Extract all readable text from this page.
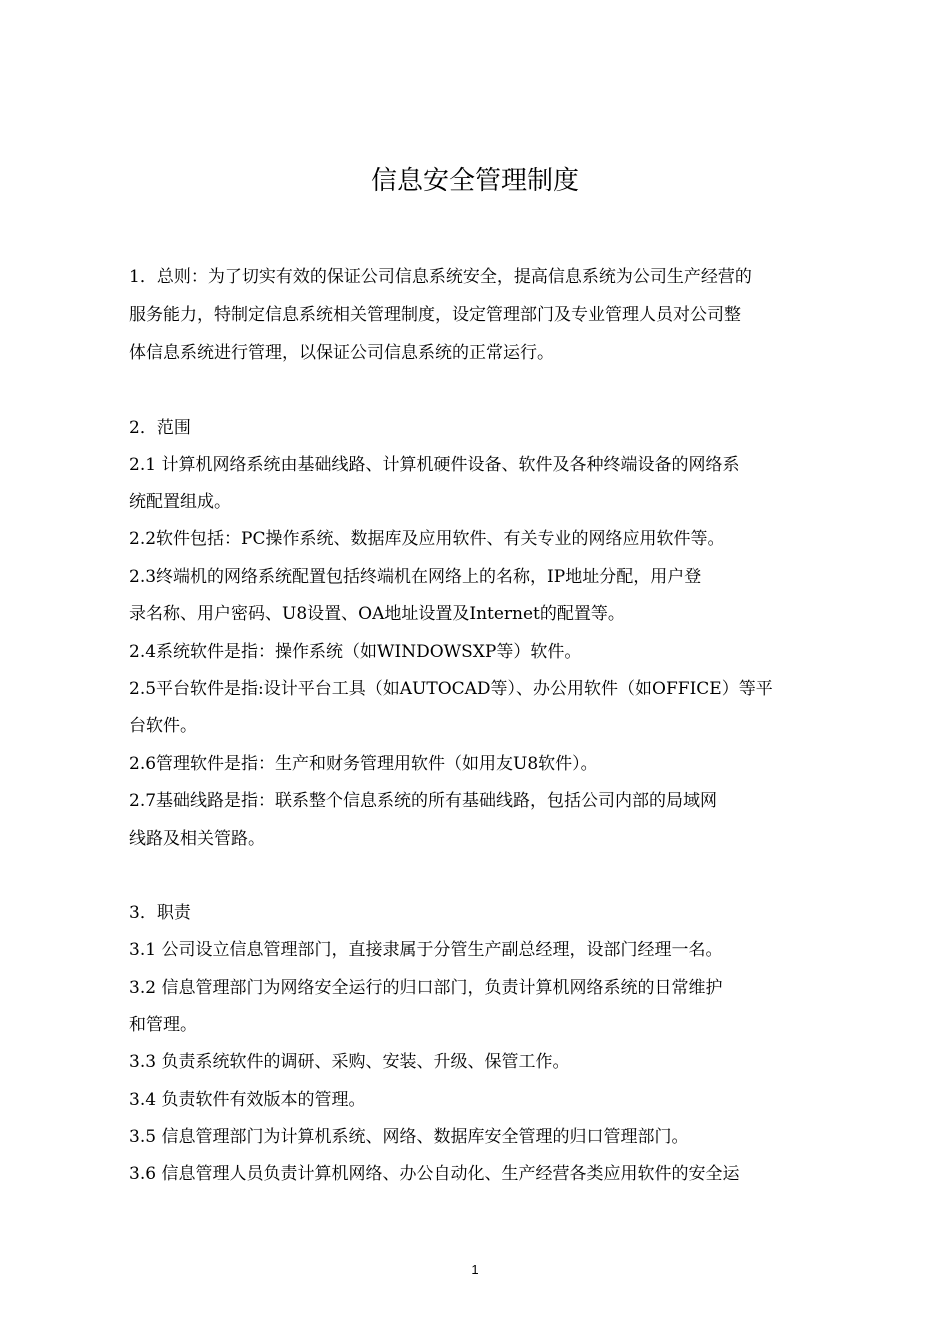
信息安全管理制度

1．总则：为了切实有效的保证公司信息系统安全，提高信息系统为公司生产经营的

服务能力，特制定信息系统相关管理制度，设定管理部门及专业管理人员对公司整

体信息系统进行管理，以保证公司信息系统的正常运行。

2．范围

2.1 计算机网络系统由基础线路、计算机硬件设备、软件及各种终端设备的网络系

统配置组成。

2.2软件包括：PC操作系统、数据库及应用软件、有关专业的网络应用软件等。

2.3终端机的网络系统配置包括终端机在网络上的名称，IP地址分配，用户登

录名称、用户密码、U8设置、OA地址设置及Internet的配置等。

2.4系统软件是指：操作系统（如WINDOWSXP等）软件。

2.5平台软件是指:设计平台工具（如AUTOCAD等）、办公用软件（如OFFICE）等平

台软件。

2.6管理软件是指：生产和财务管理用软件（如用友U8软件）。

2.7基础线路是指：联系整个信息系统的所有基础线路，包括公司内部的局域网

线路及相关管路。

3．职责

3.1 公司设立信息管理部门，直接隶属于分管生产副总经理，设部门经理一名。

3.2 信息管理部门为网络安全运行的归口部门，负责计算机网络系统的日常维护

和管理。

3.3 负责系统软件的调研、采购、安装、升级、保管工作。

3.4 负责软件有效版本的管理。

3.5 信息管理部门为计算机系统、网络、数据库安全管理的归口管理部门。

3.6 信息管理人员负责计算机网络、办公自动化、生产经营各类应用软件的安全运

1
